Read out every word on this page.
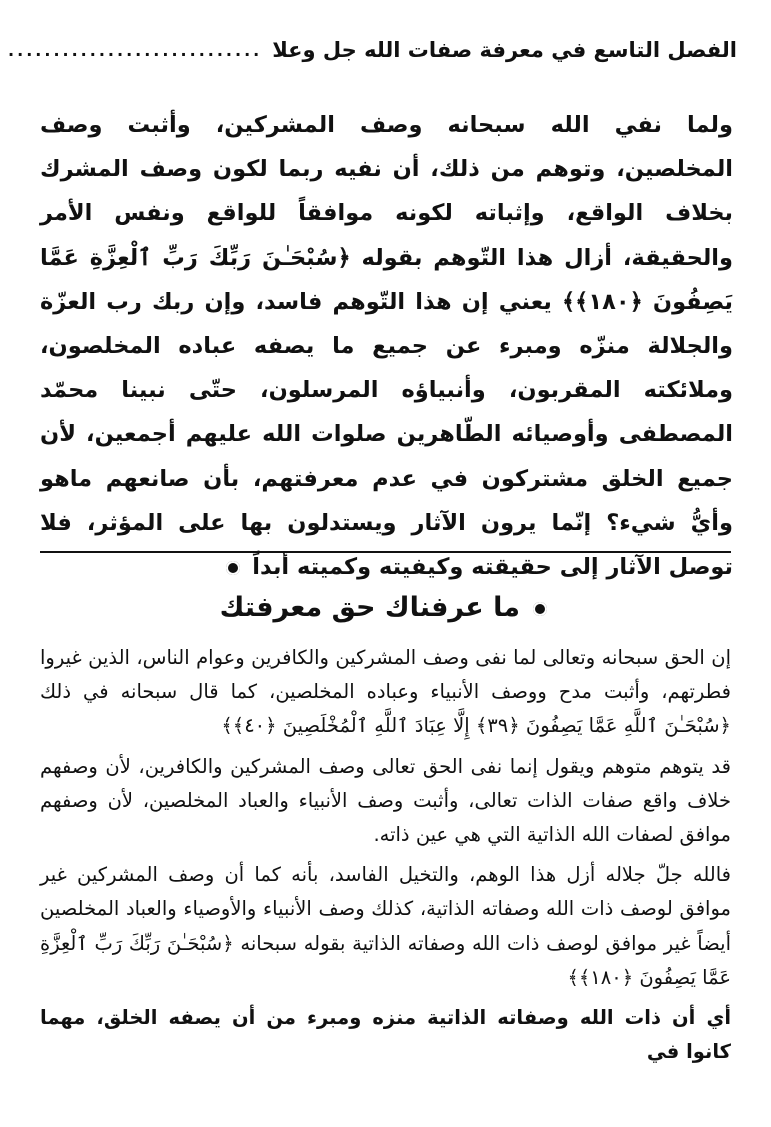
الفصل التاسع في معرفة صفات الله جل وعلا
............................

ولما نفي الله سبحانه وصف المشركين، وأثبت وصف المخلصين، وتوهم من ذلك، أن نفيه ربما لكون وصف المشرك بخلاف الواقع، وإثباته لكونه موافقاً للواقع ونفس الأمر والحقيقة، أزال هذا التّوهم بقوله ﴿سُبْحَـٰنَ رَبِّكَ رَبِّ ٱلْعِزَّةِ عَمَّا يَصِفُونَ ﴿١٨٠﴾﴾ يعني إن هذا التّوهم فاسد، وإن ربك رب العزّة والجلالة منزّه ومبرء عن جميع ما يصفه عباده المخلصون، وملائكته المقربون، وأنبياؤه المرسلون، حتّى نبينا محمّد المصطفى وأوصيائه الطّاهرين صلوات الله عليهم أجمعين، لأن جميع الخلق مشتركون في عدم معرفتهم، بأن صانعهم ماهو وأيُّ شيء؟ إنّما يرون الآثار ويستدلون بها على المؤثر، فلا توصل الآثار إلى حقيقته وكيفيته وكميته أبداً

ما عرفناك حق معرفتك

إن الحق سبحانه وتعالى لما نفى وصف المشركين والكافرين وعوام الناس، الذين غيروا فطرتهم، وأثبت مدح ووصف الأنبياء وعباده المخلصين، كما قال سبحانه في ذلك ﴿سُبْحَـٰنَ ٱللَّهِ عَمَّا يَصِفُونَ ﴿٣٩﴾ إِلَّا عِبَادَ ٱللَّهِ ٱلْمُخْلَصِينَ ﴿٤٠﴾﴾

قد يتوهم متوهم ويقول إنما نفى الحق تعالى وصف المشركين والكافرين، لأن وصفهم خلاف واقع صفات الذات تعالى، وأثبت وصف الأنبياء والعباد المخلصين، لأن وصفهم موافق لصفات الله الذاتية التي هي عين ذاته.

فالله جلّ جلاله أزل هذا الوهم، والتخيل الفاسد، بأنه كما أن وصف المشركين غير موافق لوصف ذات الله وصفاته الذاتية، كذلك وصف الأنبياء والأوصياء والعباد المخلصين أيضاً غير موافق لوصف ذات الله وصفاته الذاتية بقوله سبحانه ﴿سُبْحَـٰنَ رَبِّكَ رَبِّ ٱلْعِزَّةِ عَمَّا يَصِفُونَ ﴿١٨٠﴾﴾

أي أن ذات الله وصفاته الذاتية منزه ومبرء من أن يصفه الخلق، مهما كانوا في
